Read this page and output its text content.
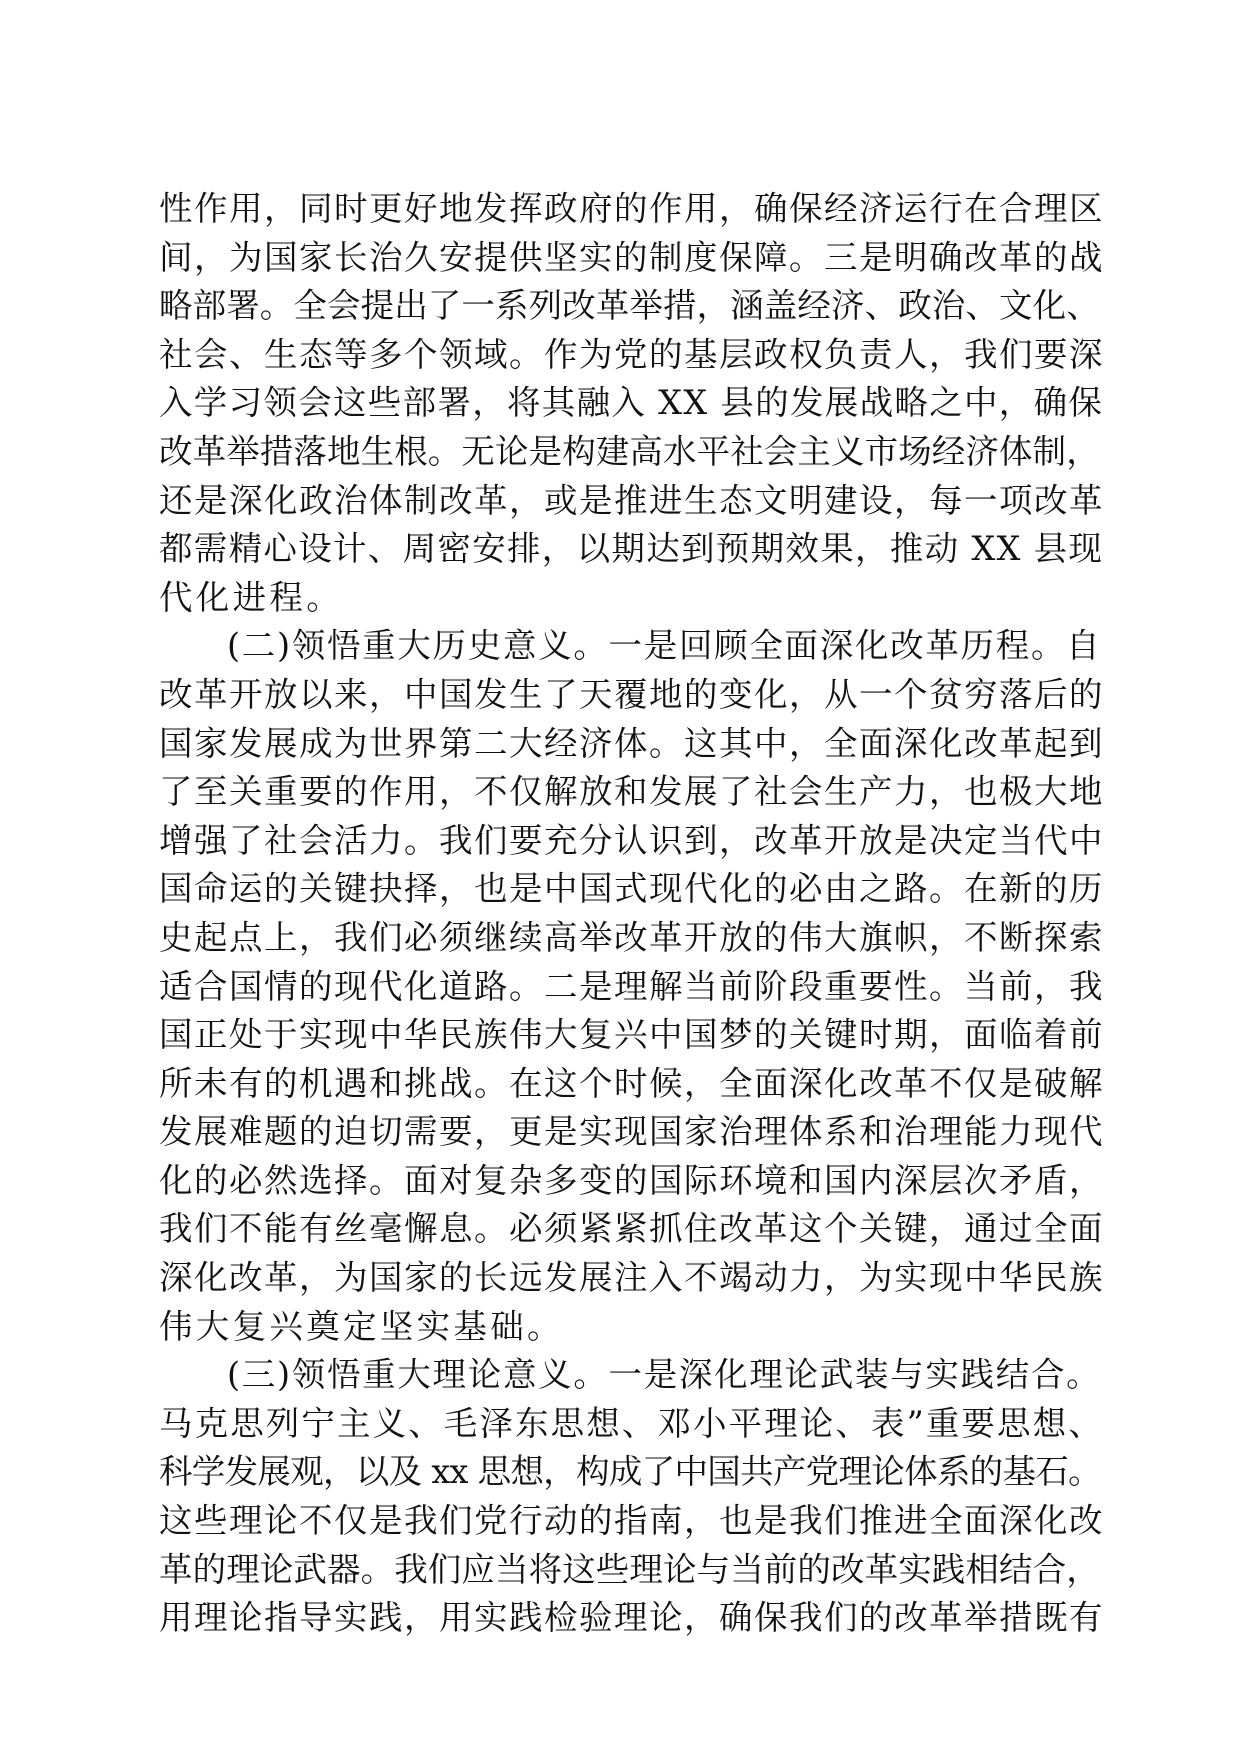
性作用，同时更好地发挥政府的作用，确保经济运行在合理区
间，为国家长治久安提供坚实的制度保障。三是明确改革的战
略部署。全会提出了一系列改革举措，涵盖经济、政治、文化、
社会、生态等多个领域。作为党的基层政权负责人，我们要深
入学习领会这些部署，将其融入 XX 县的发展战略之中，确保
改革举措落地生根。无论是构建高水平社会主义市场经济体制，
还是深化政治体制改革，或是推进生态文明建设，每一项改革
都需精心设计、周密安排，以期达到预期效果，推动 XX 县现
代化进程。
(二)领悟重大历史意义。一是回顾全面深化改革历程。自
改革开放以来，中国发生了天覆地的变化，从一个贫穷落后的
国家发展成为世界第二大经济体。这其中，全面深化改革起到
了至关重要的作用，不仅解放和发展了社会生产力，也极大地
增强了社会活力。我们要充分认识到，改革开放是决定当代中
国命运的关键抉择，也是中国式现代化的必由之路。在新的历
史起点上，我们必须继续高举改革开放的伟大旗帜，不断探索
适合国情的现代化道路。二是理解当前阶段重要性。当前，我
国正处于实现中华民族伟大复兴中国梦的关键时期，面临着前
所未有的机遇和挑战。在这个时候，全面深化改革不仅是破解
发展难题的迫切需要，更是实现国家治理体系和治理能力现代
化的必然选择。面对复杂多变的国际环境和国内深层次矛盾，
我们不能有丝毫懈息。必须紧紧抓住改革这个关键，通过全面
深化改革，为国家的长远发展注入不竭动力，为实现中华民族
伟大复兴奠定坚实基础。
(三)领悟重大理论意义。一是深化理论武装与实践结合。
马克思列宁主义、毛泽东思想、邓小平理论、表”重要思想、
科学发展观，以及 xx 思想，构成了中国共产党理论体系的基石。
这些理论不仅是我们党行动的指南，也是我们推进全面深化改
革的理论武器。我们应当将这些理论与当前的改革实践相结合，
用理论指导实践，用实践检验理论，确保我们的改革举措既有
